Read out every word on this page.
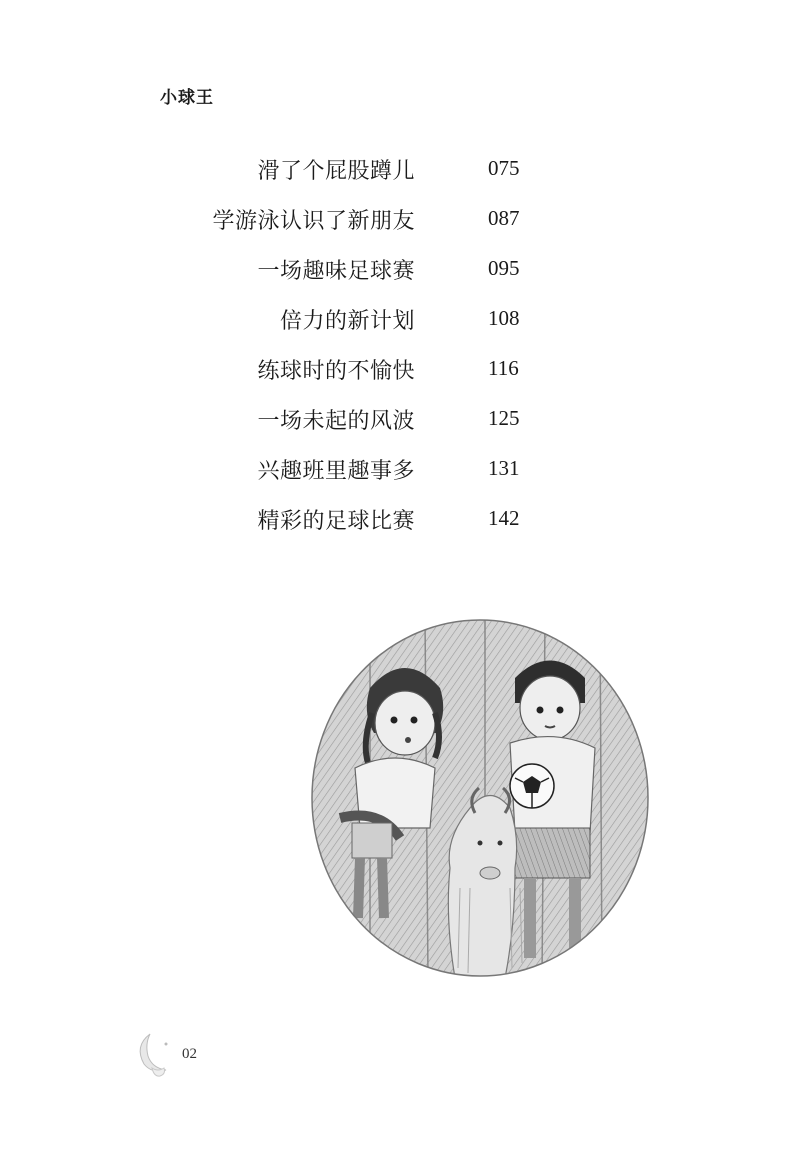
小球王
滑了个屁股蹲儿	075
学游泳认识了新朋友	087
一场趣味足球赛	095
倍力的新计划	108
练球时的不愉快	116
一场未起的风波	125
兴趣班里趣事多	131
精彩的足球比赛	142
02
